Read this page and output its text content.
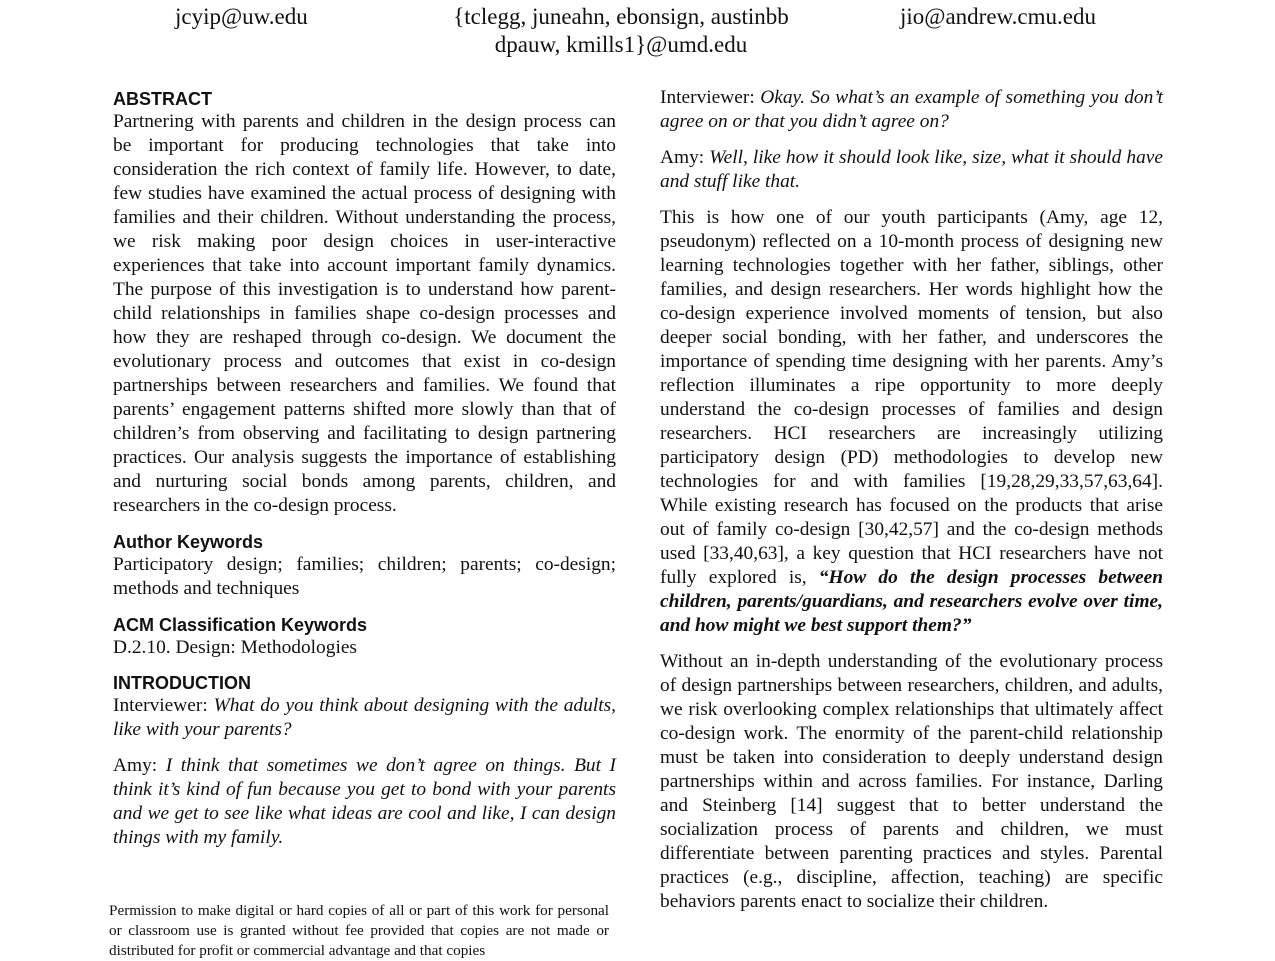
jcyip@uw.edu	{tclegg, juneahn, ebonsign, austinbb
dpauw, kmills1}@umd.edu
jio@andrew.cmu.edu
ABSTRACT

Partnering with parents and children in the design process can be important for producing technologies that take into consideration the rich context of family life. However, to date, few studies have examined the actual process of designing with families and their children. Without understanding the process, we risk making poor design choices in user-interactive experiences that take into account important family dynamics. The purpose of this investigation is to understand how parent-child relationships in families shape co-design processes and how they are reshaped through co-design. We document the evolutionary process and outcomes that exist in co-design partnerships between researchers and families. We found that parents’ engagement patterns shifted more slowly than that of children’s from observing and facilitating to design partnering practices. Our analysis suggests the importance of establishing and nurturing social bonds among parents, children, and researchers in the co-design process.

Author Keywords

Participatory design; families; children; parents; co-design; methods and techniques

ACM Classification Keywords

D.2.10. Design: Methodologies

INTRODUCTION

Interviewer: What do you think about designing with the adults, like with your parents?

Amy: I think that sometimes we don’t agree on things. But I think it’s kind of fun because you get to bond with your parents and we get to see like what ideas are cool and like, I can design things with my family.

Permission to make digital or hard copies of all or part of this work for personal or classroom use is granted without fee provided that copies are not made or distributed for profit or commercial advantage and that copies

Interviewer: Okay. So what’s an example of something you don’t agree on or that you didn’t agree on?

Amy: Well, like how it should look like, size, what it should have and stuff like that.

This is how one of our youth participants (Amy, age 12, pseudonym) reflected on a 10-month process of designing new learning technologies together with her father, siblings, other families, and design researchers. Her words highlight how the co-design experience involved moments of tension, but also deeper social bonding, with her father, and underscores the importance of spending time designing with her parents. Amy’s reflection illuminates a ripe opportunity to more deeply understand the co-design processes of families and design researchers. HCI researchers are increasingly utilizing participatory design (PD) methodologies to develop new technologies for and with families [19,28,29,33,57,63,64]. While existing research has focused on the products that arise out of family co-design [30,42,57] and the co-design methods used [33,40,63], a key question that HCI researchers have not fully explored is, “How do the design processes between children, parents/guardians, and researchers evolve over time, and how might we best support them?”

Without an in-depth understanding of the evolutionary process of design partnerships between researchers, children, and adults, we risk overlooking complex relationships that ultimately affect co-design work. The enormity of the parent-child relationship must be taken into consideration to deeply understand design partnerships within and across families. For instance, Darling and Steinberg [14] suggest that to better understand the socialization process of parents and children, we must differentiate between parenting practices and styles. Parental practices (e.g., discipline, affection, teaching) are specific behaviors parents enact to socialize their children.
